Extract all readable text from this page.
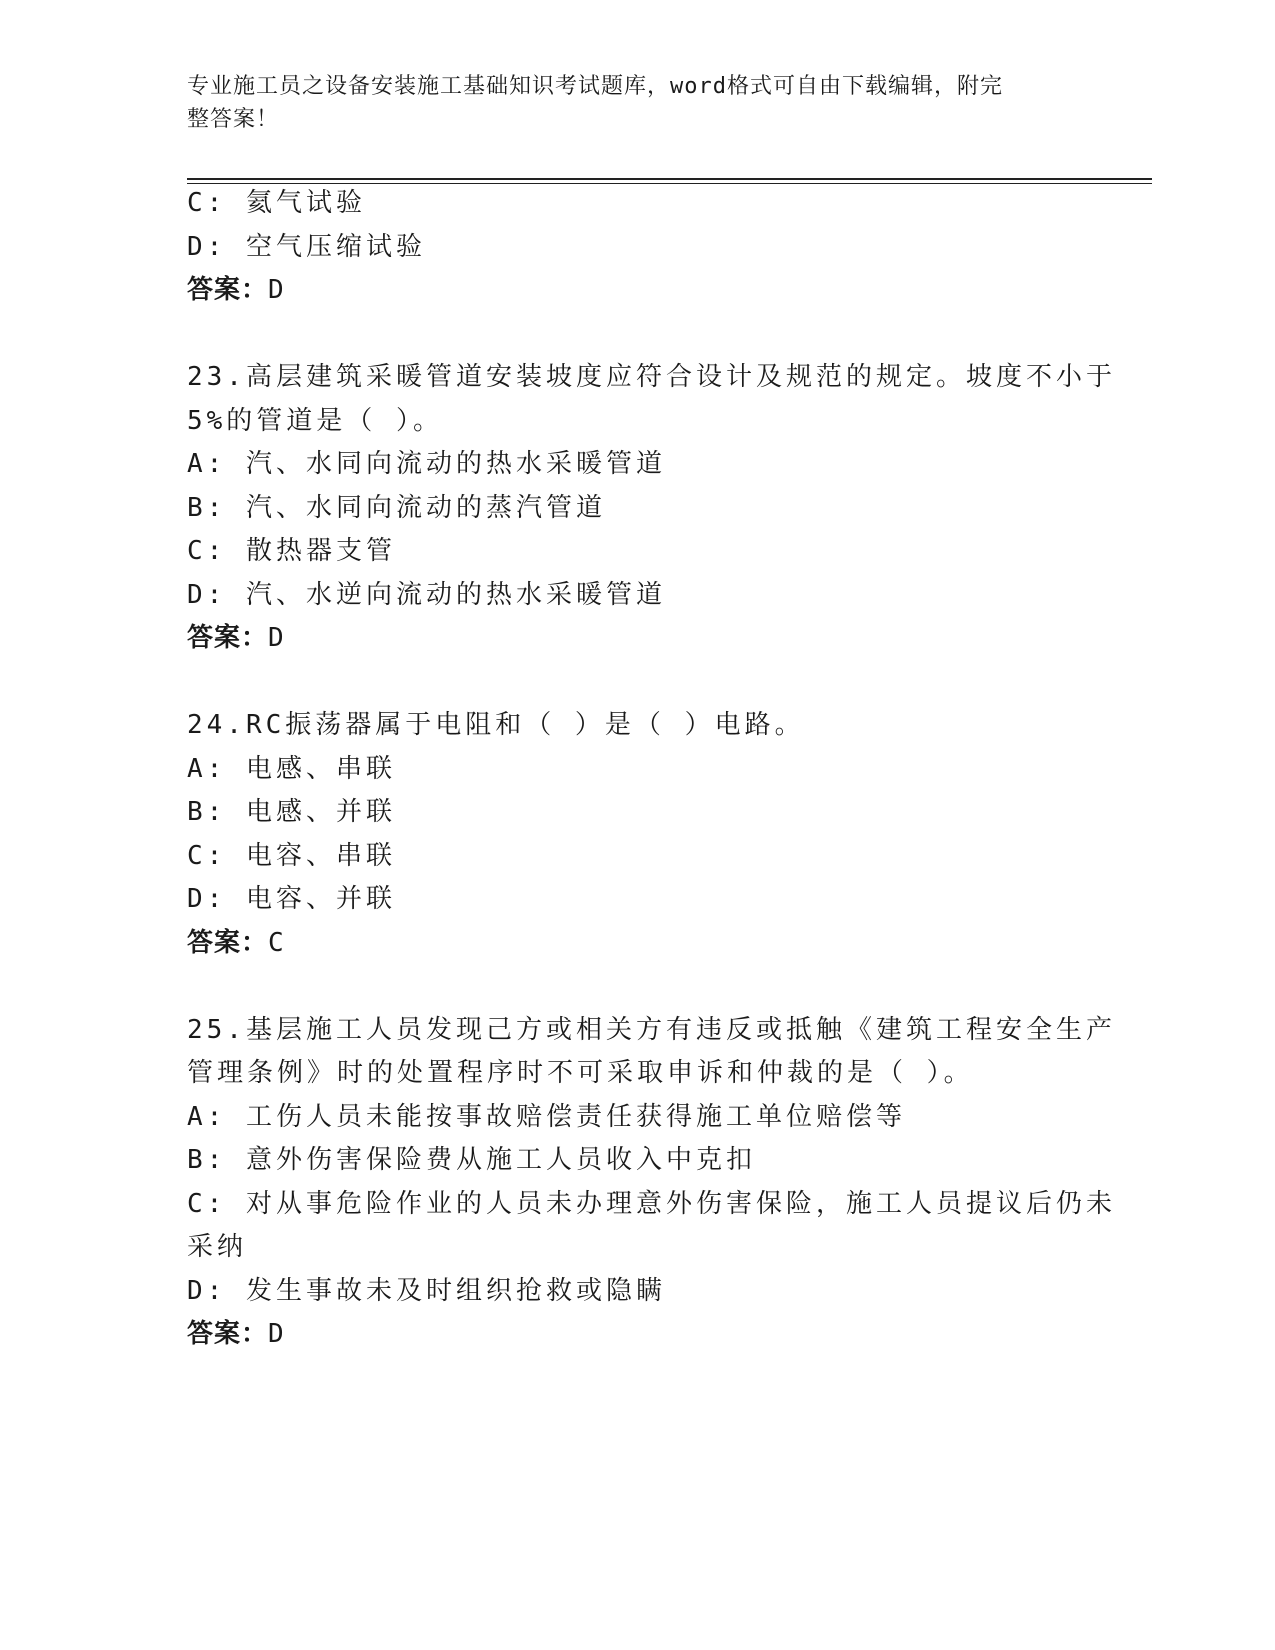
专业施工员之设备安装施工基础知识考试题库，word格式可自由下载编辑，附完
整答案！
C: 氦气试验
D: 空气压缩试验
答案：D
23.高层建筑采暖管道安装坡度应符合设计及规范的规定。坡度不小于
5%的管道是（ ）。
A: 汽、水同向流动的热水采暖管道
B: 汽、水同向流动的蒸汽管道
C: 散热器支管
D: 汽、水逆向流动的热水采暖管道
答案：D
24.RC振荡器属于电阻和（ ）是（ ）电路。
A: 电感、串联
B: 电感、并联
C: 电容、串联
D: 电容、并联
答案：C
25.基层施工人员发现己方或相关方有违反或抵触《建筑工程安全生产
管理条例》时的处置程序时不可采取申诉和仲裁的是（ ）。
A: 工伤人员未能按事故赔偿责任获得施工单位赔偿等
B: 意外伤害保险费从施工人员收入中克扣
C: 对从事危险作业的人员未办理意外伤害保险，施工人员提议后仍未
采纳
D: 发生事故未及时组织抢救或隐瞒
答案：D
